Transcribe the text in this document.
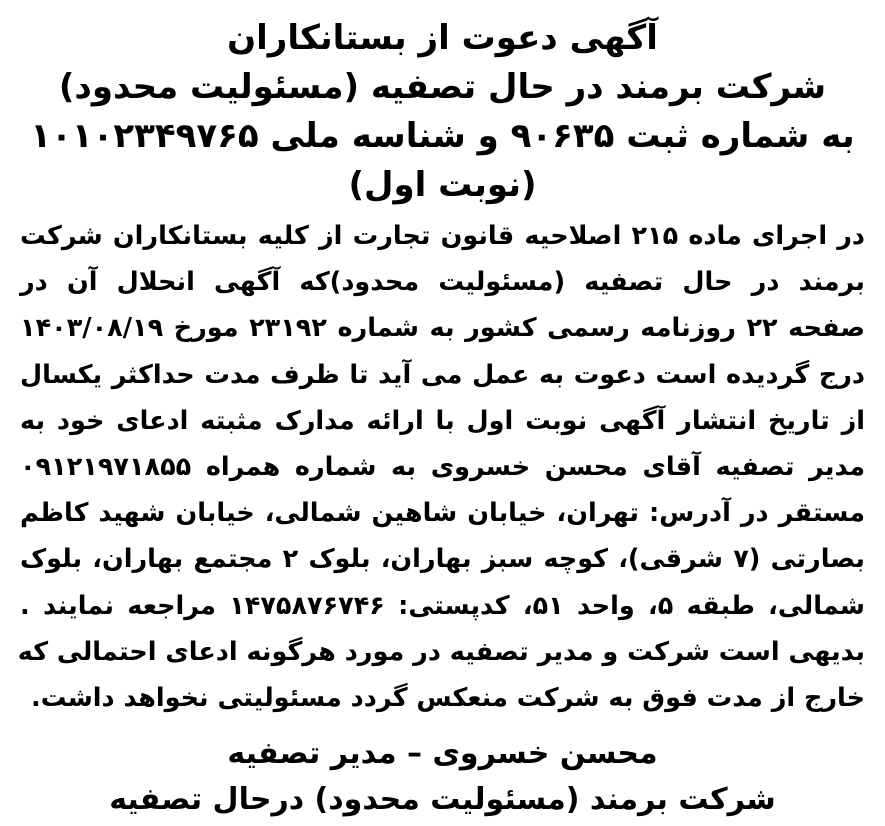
آگهی دعوت از بستانکاران
شرکت برمند در حال تصفیه (مسئولیت محدود)
به شماره ثبت ۹۰۶۳۵ و شناسه ملی ۱۰۱۰۲۳۴۹۷۶۵
(نوبت اول)
در اجرای ماده ۲۱۵ اصلاحیه قانون تجارت از کلیه بستانکاران شرکت
برمند در حال تصفیه (مسئولیت محدود)که آگهی انحلال آن در
صفحه ۲۲ روزنامه رسمی کشور به شماره ۲۳۱۹۲ مورخ ۱۴۰۳/۰۸/۱۹
درج گردیده است دعوت به عمل می آید تا ظرف مدت حداکثر یکسال
از تاریخ انتشار آگهی نوبت اول با ارائه مدارک مثبته ادعای خود به
مدیر تصفیه آقای محسن خسروی به شماره همراه ۰۹۱۲۱۹۷۱۸۵۵
مستقر در آدرس: تهران، خیابان شاهین شمالی، خیابان شهید کاظم
بصارتی (۷ شرقی)، کوچه سبز بهاران، بلوک ۲ مجتمع بهاران، بلوک
شمالی، طبقه ۵، واحد ۵۱، کدپستی: ۱۴۷۵۸۷۶۷۴۶ مراجعه نمایند .
بدیهی است شرکت و مدیر تصفیه در مورد هرگونه ادعای احتمالی که
خارج از مدت فوق به شرکت منعکس گردد مسئولیتی نخواهد داشت.
محسن خسروی – مدیر تصفیه
شرکت برمند (مسئولیت محدود) درحال تصفیه
